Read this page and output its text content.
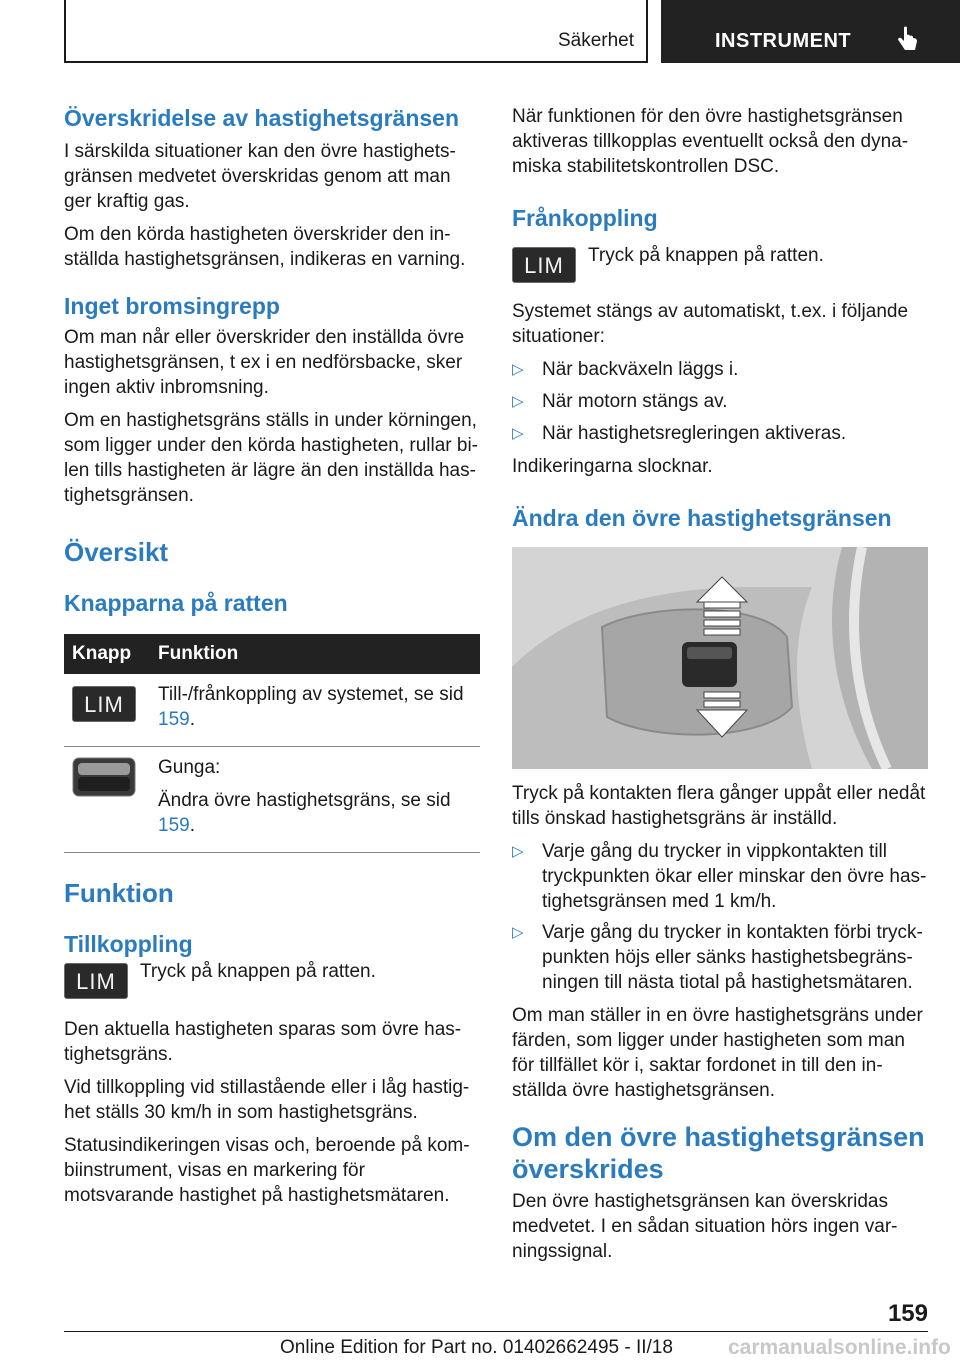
Säkerhet	INSTRUMENT
Överskridelse av hastighetsgränsen

I särskilda situationer kan den övre hastighets-gränsen medvetet överskridas genom att man ger kraftig gas.

Om den körda hastigheten överskrider den in-ställda hastighetsgränsen, indikeras en varning.

Inget bromsingrepp

Om man når eller överskrider den inställda övre hastighetsgränsen, t ex i en nedförsbacke, sker ingen aktiv inbromsning.

Om en hastighetsgräns ställs in under körningen, som ligger under den körda hastigheten, rullar bi-len tills hastigheten är lägre än den inställda has-tighetsgränsen.

Översikt
Knapparna på ratten
Knapp	Funktion
LIM	Till-/frånkoppling av systemet, se sid 159.

Gunga:
Ändra övre hastighetsgräns, se sid 159.
Funktion
Tillkoppling
LIM	Tryck på knappen på ratten.

Den aktuella hastigheten sparas som övre has-tighetsgräns.

Vid tillkoppling vid stillastående eller i låg hastig-het ställs 30 km/h in som hastighetsgräns.

Statusindikeringen visas och, beroende på kom-biinstrument, visas en markering för motsvarande hastighet på hastighetsmätaren.

När funktionen för den övre hastighetsgränsen aktiveras tillkopplas eventuellt också den dyna-miska stabilitetskontrollen DSC.

Frånkoppling
LIM	Tryck på knappen på ratten.

Systemet stängs av automatiskt, t.ex. i följande situationer:

▷ När backväxeln läggs i.
▷ När motorn stängs av.
▷ När hastighetsregleringen aktiveras.

Indikeringarna slocknar.

Ändra den övre hastighetsgränsen

Tryck på kontakten flera gånger uppåt eller nedåt tills önskad hastighetsgräns är inställd.

▷ Varje gång du trycker in vippkontakten till tryckpunkten ökar eller minskar den övre has-tighetsgränsen med 1 km/h.
▷ Varje gång du trycker in kontakten förbi tryck-punkten höjs eller sänks hastighetsbegräns-ningen till nästa tiotal på hastighetsmätaren.

Om man ställer in en övre hastighetsgräns under färden, som ligger under hastigheten som man för tillfället kör i, saktar fordonet in till den in-ställda övre hastighetsgränsen.

Om den övre hastighetsgränsen överskrides

Den övre hastighetsgränsen kan överskridas medvetet. I en sådan situation hörs ingen var-ningssignal.

159
Online Edition for Part no. 01402662495 - II/18	carmanualsonline.info
